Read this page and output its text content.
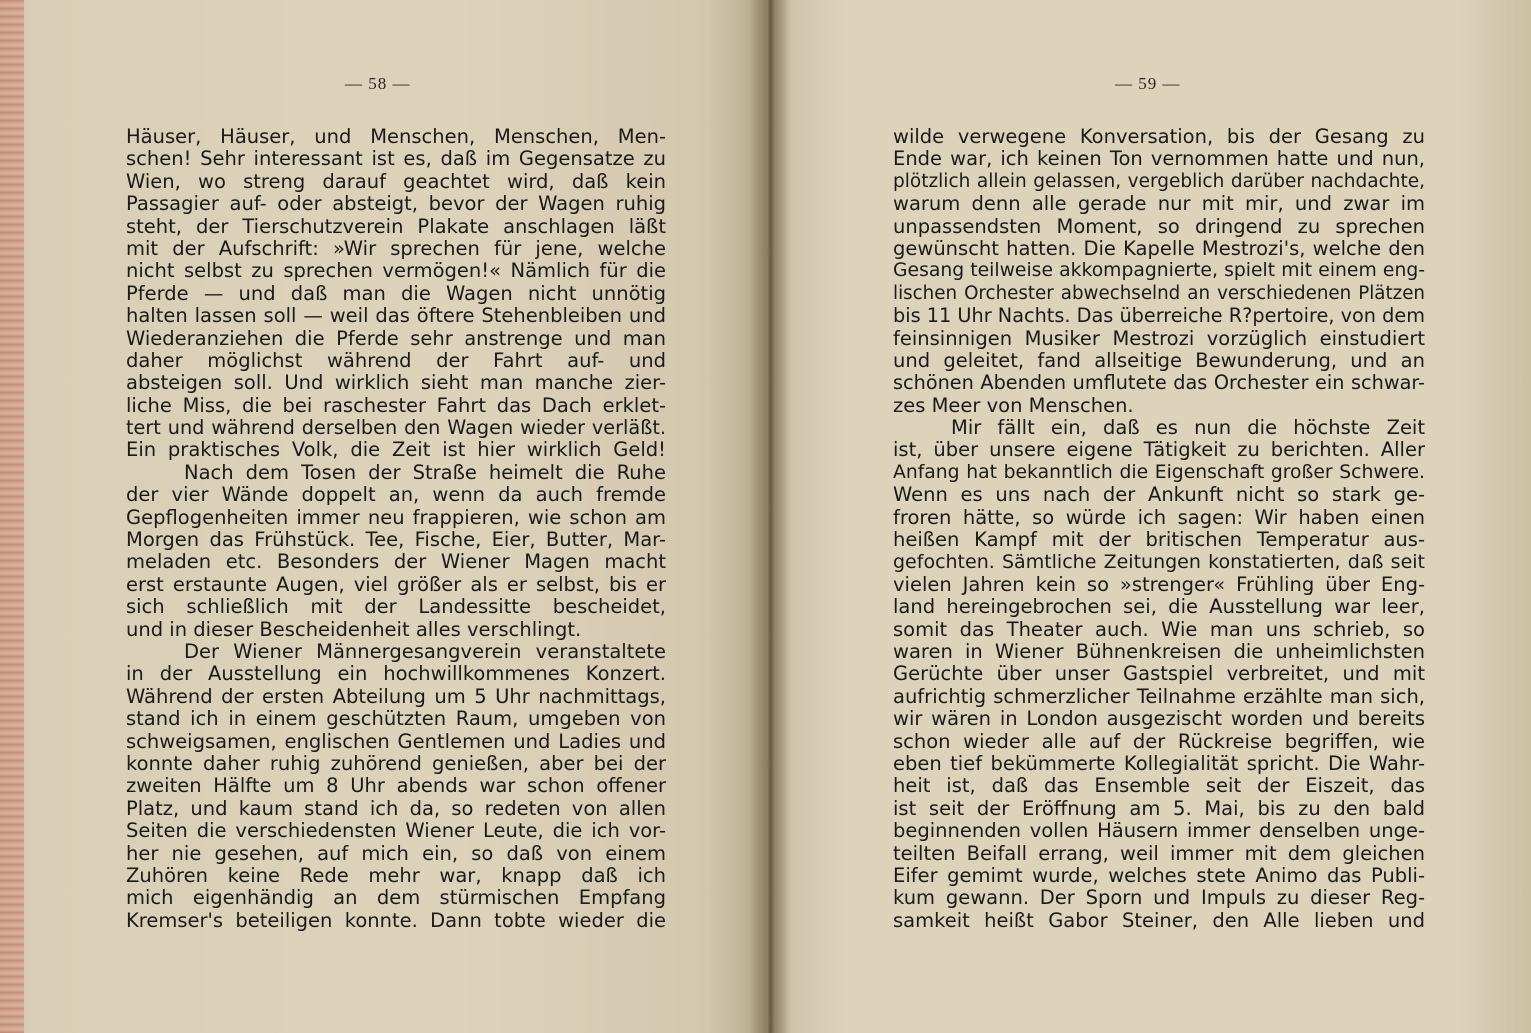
— 58 —
Häuser, Häuser, und Menschen, Menschen, Men-
schen! Sehr interessant ist es, daß im Gegensatze zu
Wien, wo streng darauf geachtet wird, daß kein
Passagier auf- oder absteigt, bevor der Wagen ruhig
steht, der Tierschutzverein Plakate anschlagen läßt
mit der Aufschrift: »Wir sprechen für jene, welche
nicht selbst zu sprechen vermögen!« Nämlich für die
Pferde — und daß man die Wagen nicht unnötig
halten lassen soll — weil das öftere Stehenbleiben und
Wiederanziehen die Pferde sehr anstrenge und man
daher möglichst während der Fahrt auf- und
absteigen soll. Und wirklich sieht man manche zier-
liche Miss, die bei raschester Fahrt das Dach erklet-
tert und während derselben den Wagen wieder verläßt.
Ein praktisches Volk, die Zeit ist hier wirklich Geld!
Nach dem Tosen der Straße heimelt die Ruhe
der vier Wände doppelt an, wenn da auch fremde
Gepflogenheiten immer neu frappieren, wie schon am
Morgen das Frühstück. Tee, Fische, Eier, Butter, Mar-
meladen etc. Besonders der Wiener Magen macht
erst erstaunte Augen, viel größer als er selbst, bis er
sich schließlich mit der Landessitte bescheidet,
und in dieser Bescheidenheit alles verschlingt.
Der Wiener Männergesangverein veranstaltete
in der Ausstellung ein hochwillkommenes Konzert.
Während der ersten Abteilung um 5 Uhr nachmittags,
stand ich in einem geschützten Raum, umgeben von
schweigsamen, englischen Gentlemen und Ladies und
konnte daher ruhig zuhörend genießen, aber bei der
zweiten Hälfte um 8 Uhr abends war schon offener
Platz, und kaum stand ich da, so redeten von allen
Seiten die verschiedensten Wiener Leute, die ich vor-
her nie gesehen, auf mich ein, so daß von einem
Zuhören keine Rede mehr war, knapp daß ich
mich eigenhändig an dem stürmischen Empfang
Kremser's beteiligen konnte. Dann tobte wieder die
— 59 —
wilde verwegene Konversation, bis der Gesang zu
Ende war, ich keinen Ton vernommen hatte und nun,
plötzlich allein gelassen, vergeblich darüber nachdachte,
warum denn alle gerade nur mit mir, und zwar im
unpassendsten Moment, so dringend zu sprechen
gewünscht hatten. Die Kapelle Mestrozi's, welche den
Gesang teilweise akkompagnierte, spielt mit einem eng-
lischen Orchester abwechselnd an verschiedenen Plätzen
bis 11 Uhr Nachts. Das überreiche R?pertoire, von dem
feinsinnigen Musiker Mestrozi vorzüglich einstudiert
und geleitet, fand allseitige Bewunderung, und an
schönen Abenden umflutete das Orchester ein schwar-
zes Meer von Menschen.
Mir fällt ein, daß es nun die höchste Zeit
ist, über unsere eigene Tätigkeit zu berichten. Aller
Anfang hat bekanntlich die Eigenschaft großer Schwere.
Wenn es uns nach der Ankunft nicht so stark ge-
froren hätte, so würde ich sagen: Wir haben einen
heißen Kampf mit der britischen Temperatur aus-
gefochten. Sämtliche Zeitungen konstatierten, daß seit
vielen Jahren kein so »strenger« Frühling über Eng-
land hereingebrochen sei, die Ausstellung war leer,
somit das Theater auch. Wie man uns schrieb, so
waren in Wiener Bühnenkreisen die unheimlichsten
Gerüchte über unser Gastspiel verbreitet, und mit
aufrichtig schmerzlicher Teilnahme erzählte man sich,
wir wären in London ausgezischt worden und bereits
schon wieder alle auf der Rückreise begriffen, wie
eben tief bekümmerte Kollegialität spricht. Die Wahr-
heit ist, daß das Ensemble seit der Eiszeit, das
ist seit der Eröffnung am 5. Mai, bis zu den bald
beginnenden vollen Häusern immer denselben unge-
teilten Beifall errang, weil immer mit dem gleichen
Eifer gemimt wurde, welches stete Animo das Publi-
kum gewann. Der Sporn und Impuls zu dieser Reg-
samkeit heißt Gabor Steiner, den Alle lieben und
